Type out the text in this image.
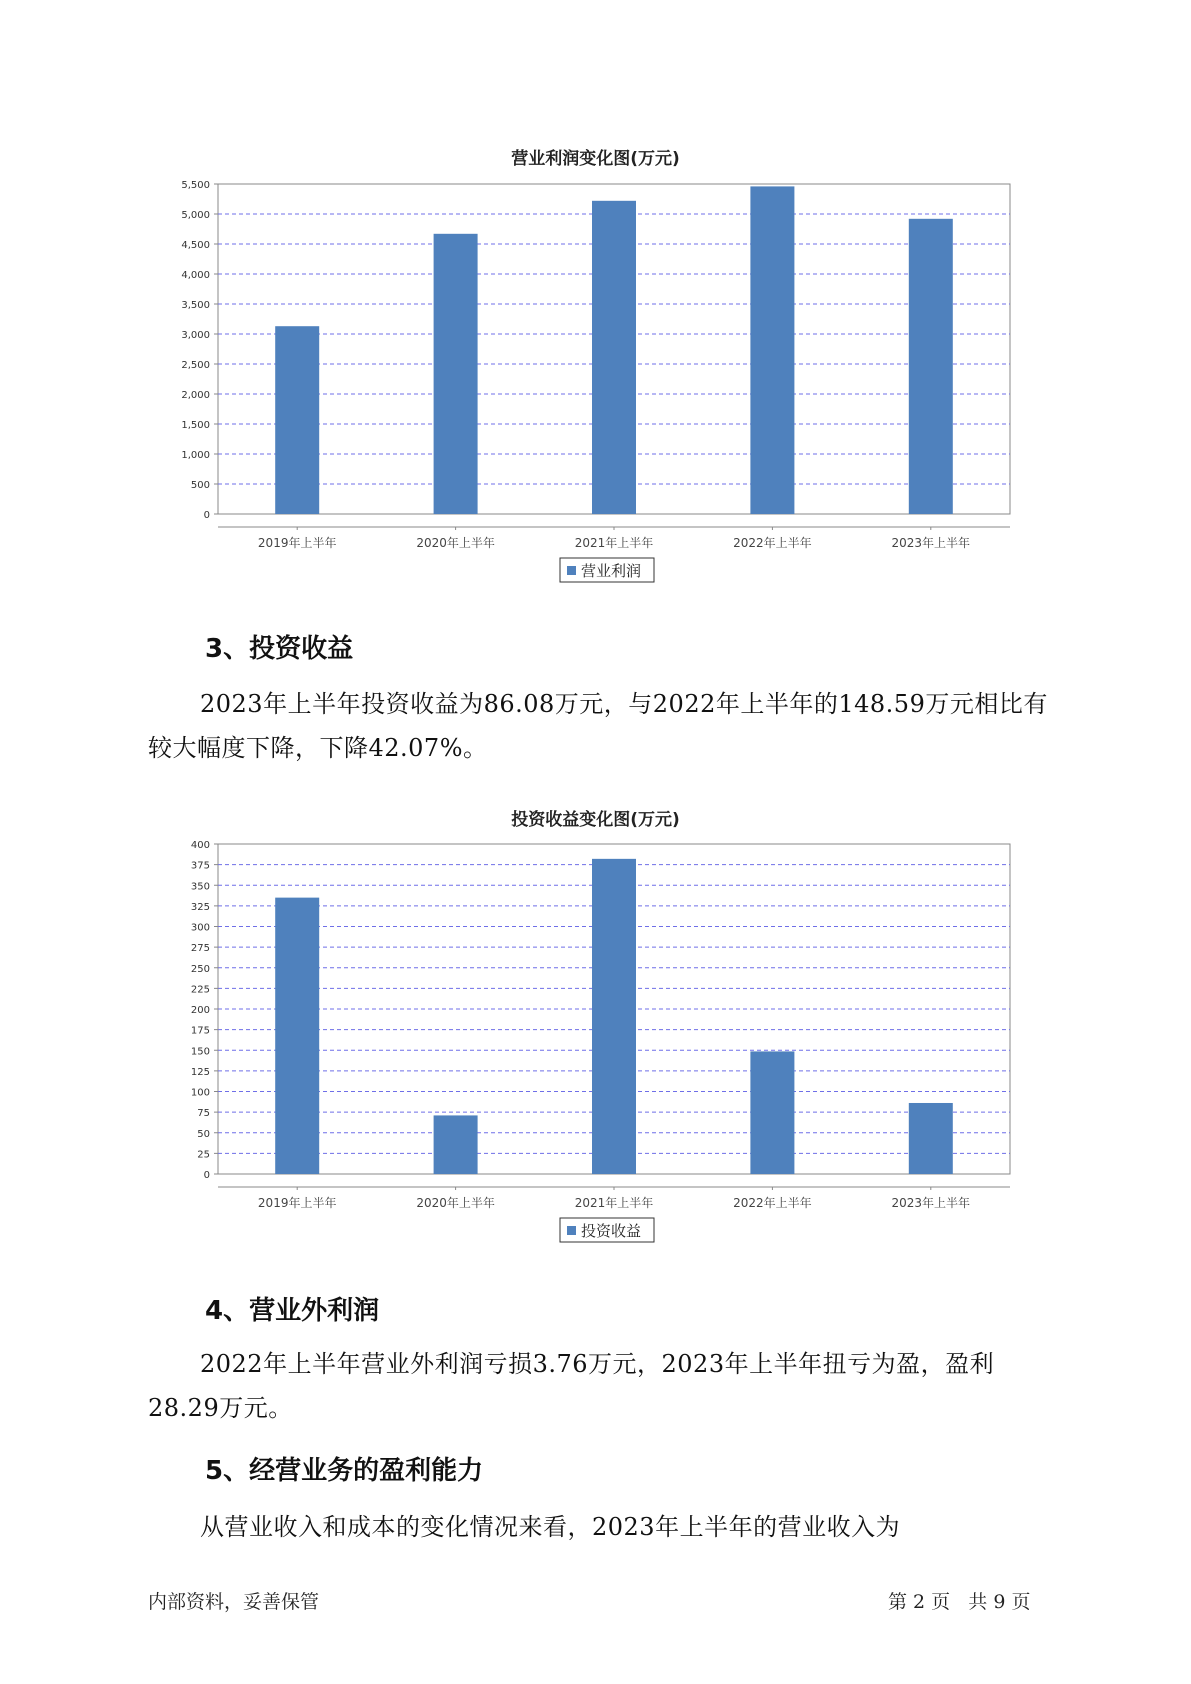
营业利润变化图(万元)
0
500
1,000
1,500
2,000
2,500
3,000
3,500
4,000
4,500
5,000
5,500
2019年上半年	2020年上半年	2021年上半年	2022年上半年	2023年上半年
营业利润
3、投资收益

2023年上半年投资收益为86.08万元，与2022年上半年的148.59万元相比有较大幅度下降，下降42.07%。

投资收益变化图(万元)
0
25
50
75
100
125
150
175
200
225
250
275
300
325
350
375
400
2019年上半年	2020年上半年	2021年上半年	2022年上半年	2023年上半年
投资收益
4、营业外利润

2022年上半年营业外利润亏损3.76万元，2023年上半年扭亏为盈，盈利28.29万元。

5、经营业务的盈利能力

从营业收入和成本的变化情况来看，2023年上半年的营业收入为

内部资料，妥善保管	第 2 页   共 9 页
